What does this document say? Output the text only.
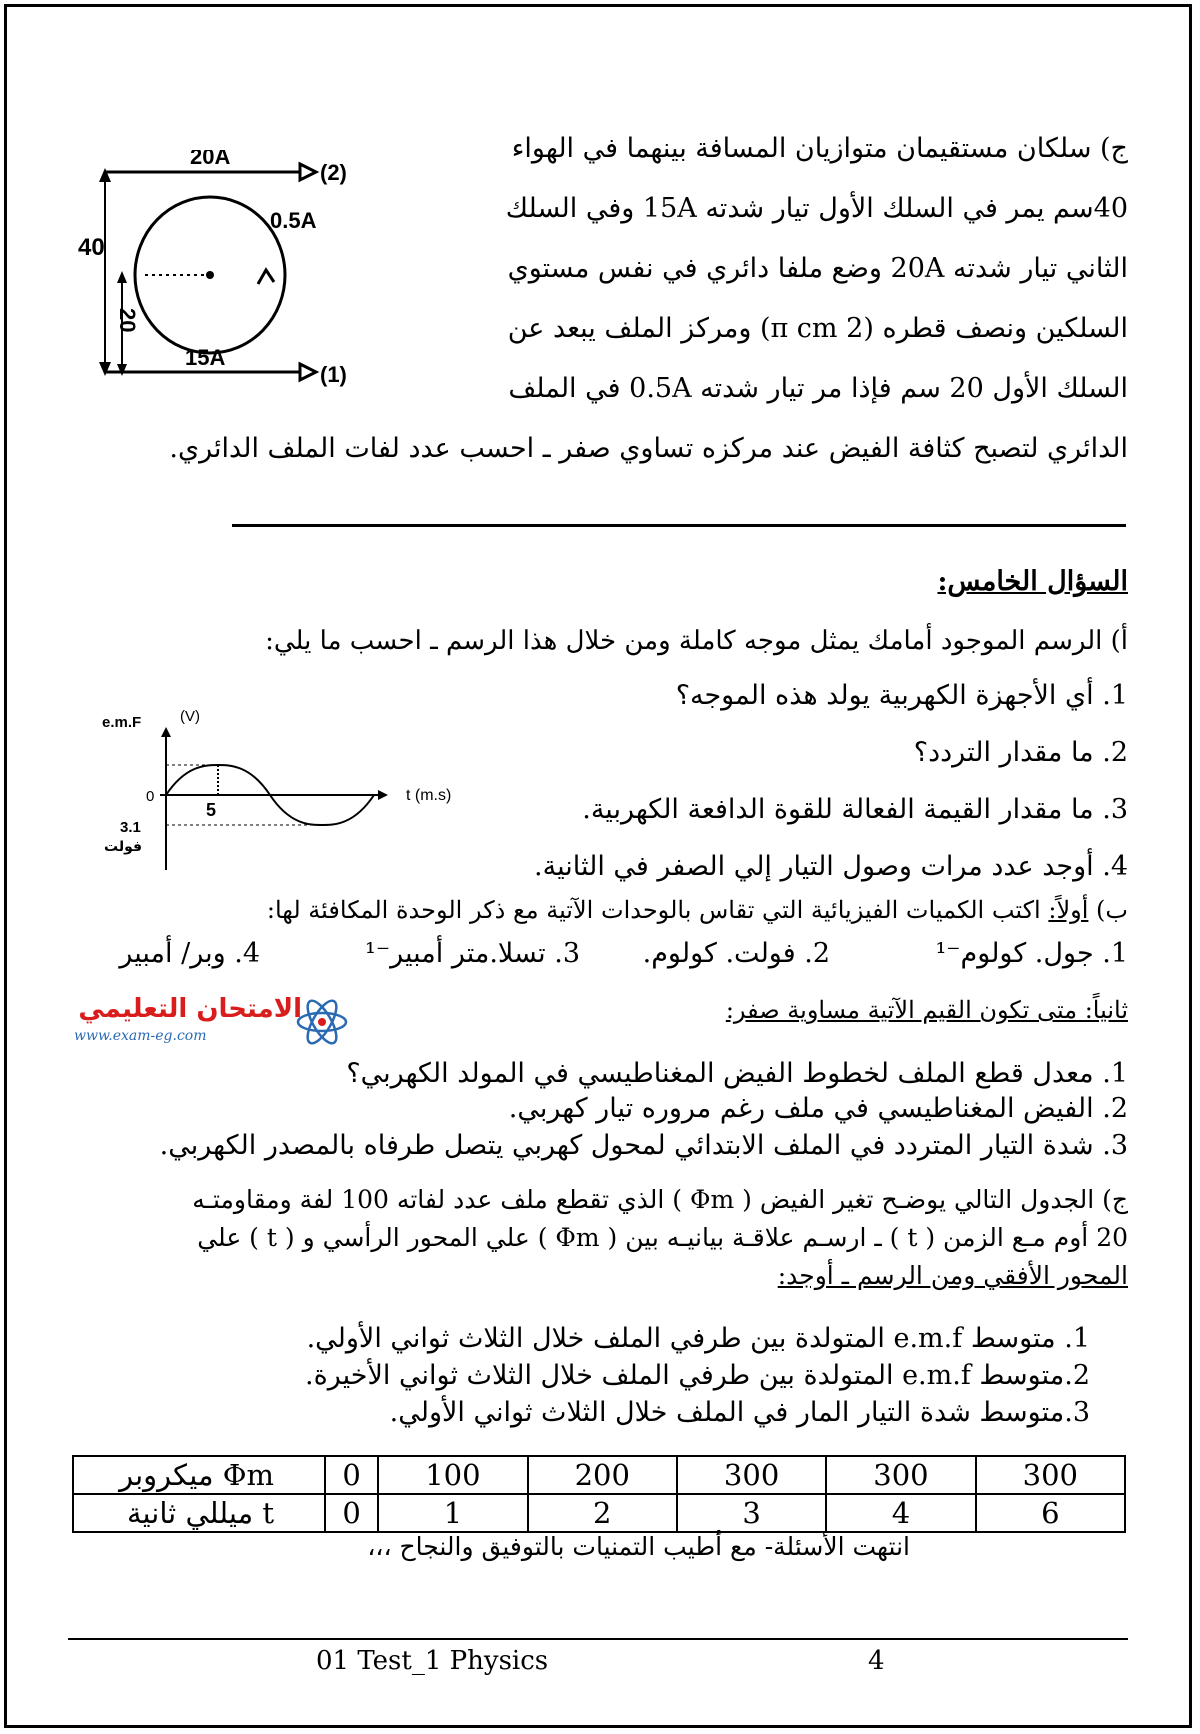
20A
(2)
0.5A
40
20
15A
(1)
ج) سلكان مستقيمان متوازيان المسافة بينهما في الهواء
40سم يمر في السلك الأول تيار شدته 15A وفي السلك
الثاني تيار شدته 20A وضع ملفا دائري في نفس مستوي
السلكين ونصف قطره (2 π cm) ومركز الملف يبعد عن
السلك الأول 20 سم فإذا مر تيار شدته 0.5A في الملف
الدائري لتصبح كثافة الفيض عند مركزه تساوي صفر ـ احسب عدد لفات الملف الدائري.
السؤال الخامس:
أ) الرسم الموجود أمامك يمثل موجه كاملة ومن خلال هذا الرسم ـ احسب ما يلي:
1. أي الأجهزة الكهربية يولد هذه الموجه؟
2. ما مقدار التردد؟
3. ما مقدار القيمة الفعالة للقوة الدافعة الكهربية.
4. أوجد عدد مرات وصول التيار إلي الصفر في الثانية.
e.m.F	(V)
t (m.s)
0
5
3.1
فولت
ب) أولاً: اكتب الكميات الفيزيائية التي تقاس بالوحدات الآتية مع ذكر الوحدة المكافئة لها:
1. جول. كولوم⁻¹
2. فولت. كولوم.
3. تسلا.متر أمبير⁻¹
4. وبر/ أمبير
الامتحان التعليمي
www.exam-eg.com
ثانياً: متى تكون القيم الآتية مساوية صفر:
1. معدل قطع الملف لخطوط الفيض المغناطيسي في المولد الكهربي؟
2. الفيض المغناطيسي في ملف رغم مروره تيار كهربي.
3. شدة التيار المتردد في الملف الابتدائي لمحول كهربي يتصل طرفاه بالمصدر الكهربي.
ج) الجدول التالي يوضـح تغير الفيض ( Φm ) الذي تقطع ملف عدد لفاته 100 لفة ومقاومتـه
20 أوم مـع الزمن ( t ) ـ ارسـم علاقـة بيانيـه بين ( Φm ) علي المحور الرأسي و ( t ) علي
المحور الأفقي ومن الرسم ـ أوجد:
1. متوسط e.m.f المتولدة بين طرفي الملف خلال الثلاث ثواني الأولي.
2.متوسط e.m.f المتولدة بين طرفي الملف خلال الثلاث ثواني الأخيرة.
3.متوسط شدة التيار المار في الملف خلال الثلاث ثواني الأولي.
Φm ميكروبر	0	100	200	300	300	300
t ميللي ثانية	0	1	2	3	4	6
انتهت الأسئلة- مع أطيب التمنيات بالتوفيق والنجاح ،،،
01 Test_1 Physics	4
